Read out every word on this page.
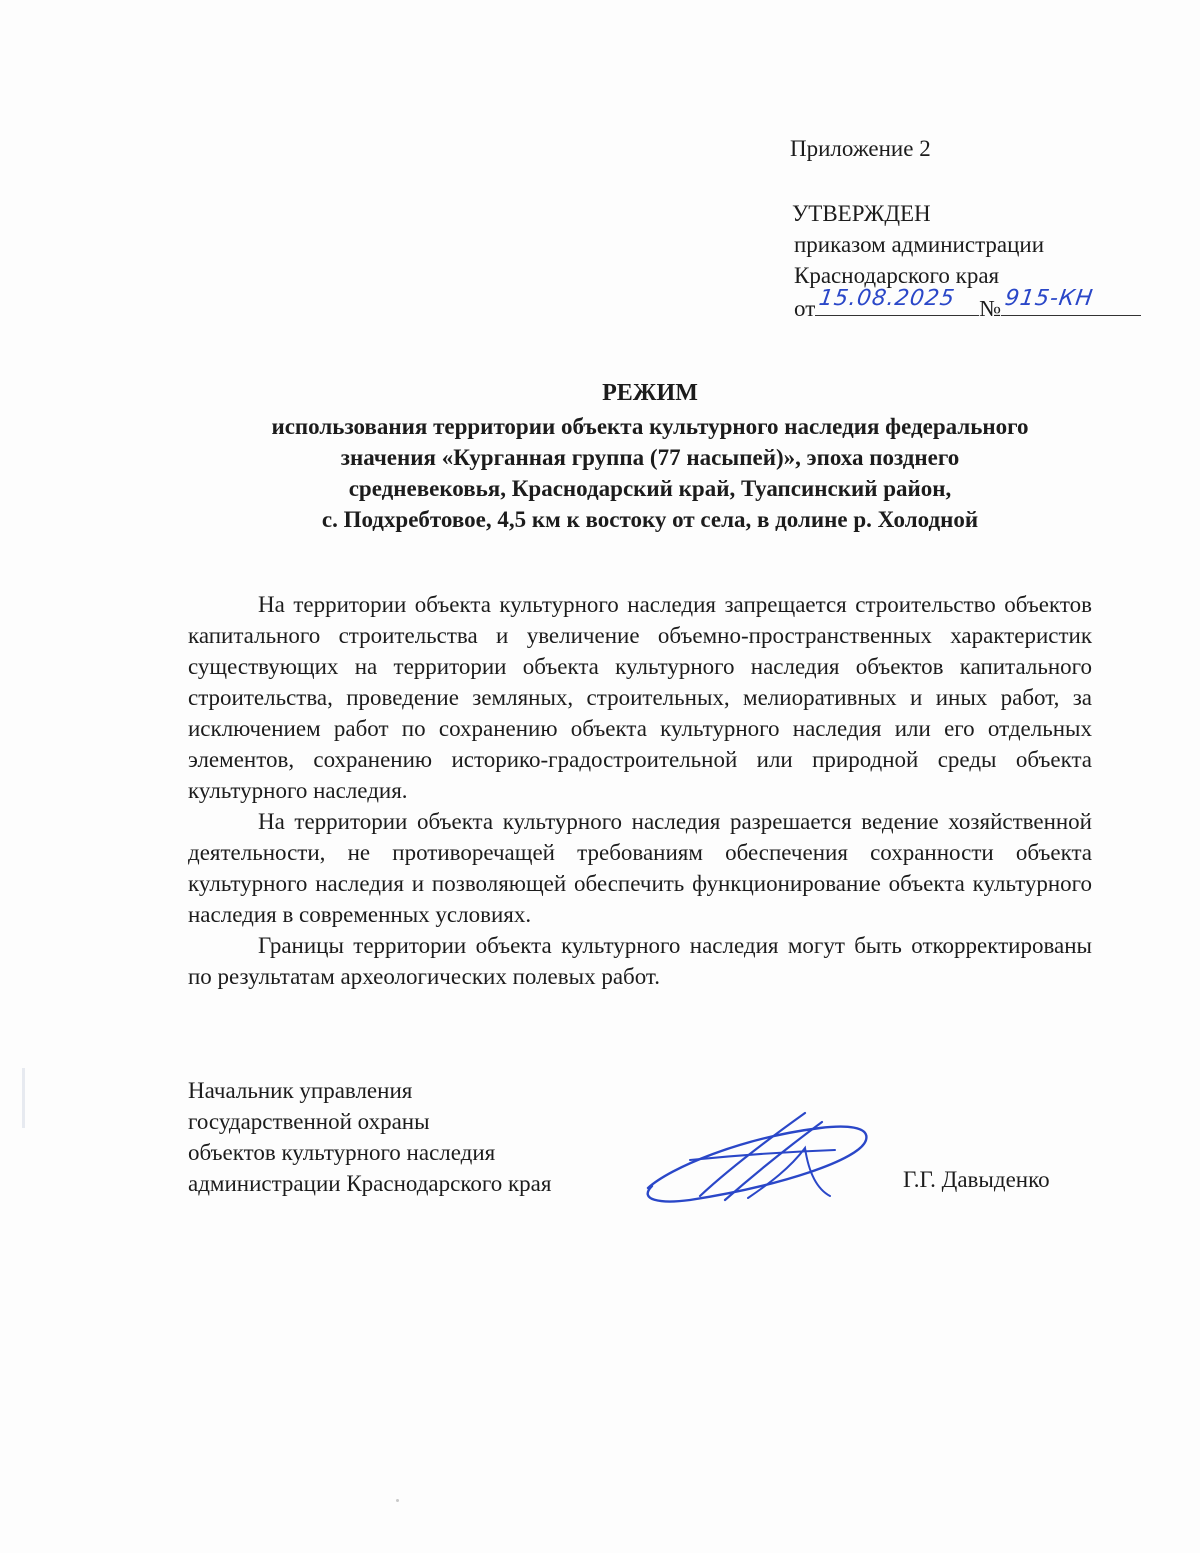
Приложение 2
УТВЕРЖДЕН
приказом администрации
Краснодарского края
от 15.08.2025 № 915-КН
РЕЖИМ
использования территории объекта культурного наследия федерального
значения «Курганная группа (77 насыпей)», эпоха позднего
средневековья, Краснодарский край, Туапсинский район,
с. Подхребтовое, 4,5 км к востоку от села, в долине р. Холодной

На территории объекта культурного наследия запрещается строительство объектов капитального строительства и увеличение объемно-пространственных характеристик существующих на территории объекта культурного наследия объектов капитального строительства, проведение земляных, строительных, мелиоративных и иных работ, за исключением работ по сохранению объекта культурного наследия или его отдельных элементов, сохранению историко-градостроительной или природной среды объекта культурного наследия.

На территории объекта культурного наследия разрешается ведение хозяйственной деятельности, не противоречащей требованиям обеспечения сохранности объекта культурного наследия и позволяющей обеспечить функционирование объекта культурного наследия в современных условиях.

Границы территории объекта культурного наследия могут быть откорректированы по результатам археологических полевых работ.

Начальник управления
государственной охраны
объектов культурного наследия
администрации Краснодарского края	Г.Г. Давыденко
